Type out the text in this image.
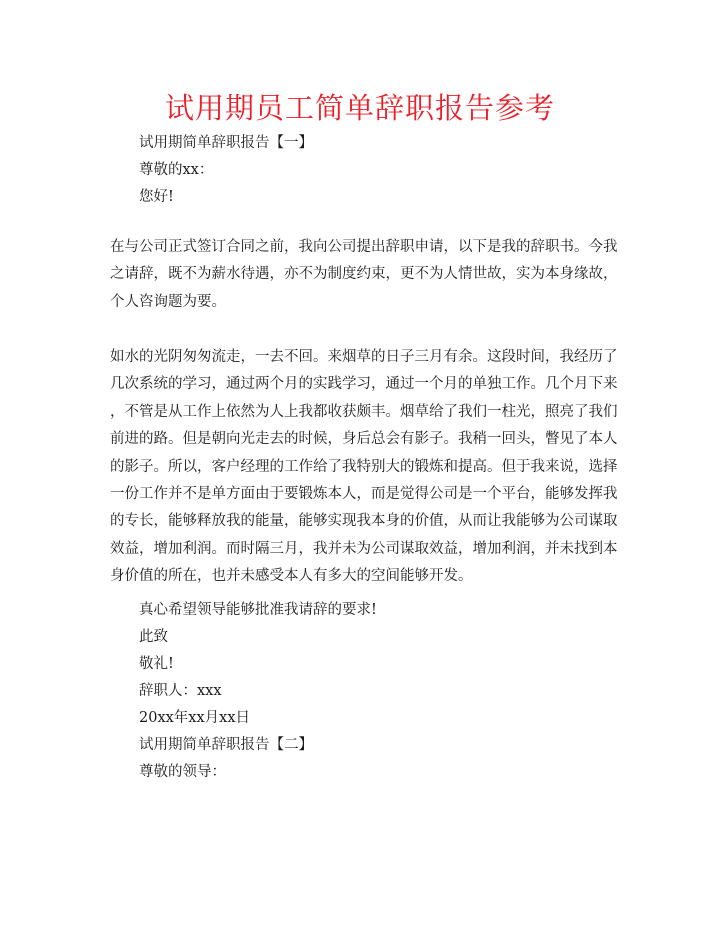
试用期员工简单辞职报告参考
试用期简单辞职报告【一】
尊敬的xx：
您好!
在与公司正式签订合同之前，我向公司提出辞职申请，以下是我的辞职书。今我
之请辞，既不为薪水待遇，亦不为制度约束，更不为人情世故，实为本身缘故，
个人咨询题为要。
如水的光阴匆匆流走，一去不回。来烟草的日子三月有余。这段时间，我经历了
几次系统的学习，通过两个月的实践学习，通过一个月的单独工作。几个月下来
，不管是从工作上依然为人上我都收获颇丰。烟草给了我们一柱光，照亮了我们
前进的路。但是朝向光走去的时候，身后总会有影子。我稍一回头，瞥见了本人
的影子。所以，客户经理的工作给了我特别大的锻炼和提高。但于我来说，选择
一份工作并不是单方面由于要锻炼本人，而是觉得公司是一个平台，能够发挥我
的专长，能够释放我的能量，能够实现我本身的价值，从而让我能够为公司谋取
效益，增加利润。而时隔三月，我并未为公司谋取效益，增加利润，并未找到本
身价值的所在，也并未感受本人有多大的空间能够开发。
真心希望领导能够批准我请辞的要求!
此致
敬礼!
辞职人：xxx
20xx年xx月xx日
试用期简单辞职报告【二】
尊敬的领导：
